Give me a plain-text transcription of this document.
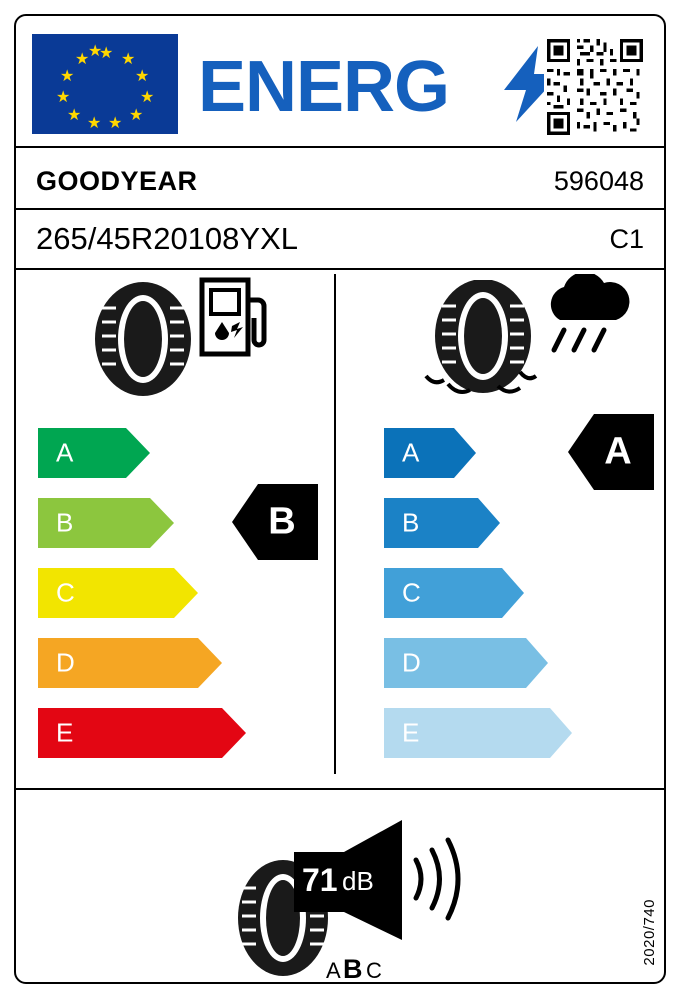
★ ★
★
★
★
★
★
★
★
★
★
★ ENERG
GOODYEAR	596048
265/45R20108YXL	C1
A
B
C
D
E
B
A
B
C
D
E
A
71 dB
A B C
2020/740
